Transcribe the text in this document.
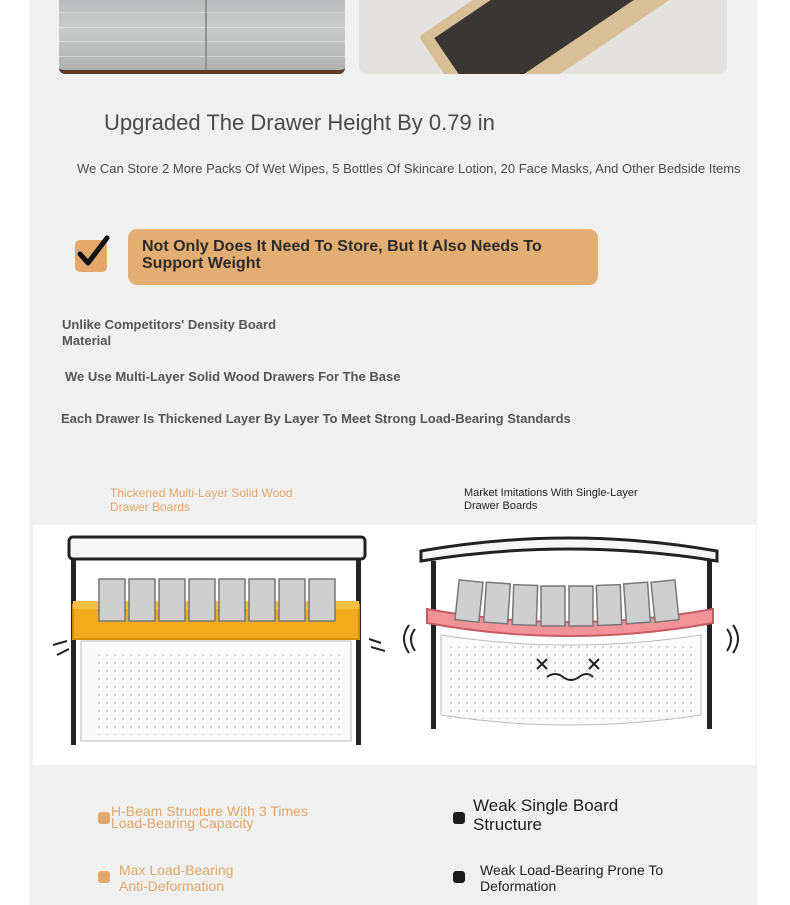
Upgraded The Drawer Height By 0.79 in
We Can Store 2 More Packs Of Wet Wipes, 5 Bottles Of Skincare Lotion, 20 Face Masks, And Other Bedside Items
Not Only Does It Need To Store, But It Also Needs To Support Weight
Unlike Competitors' Density Board Material
We Use Multi-Layer Solid Wood Drawers For The Base
Each Drawer Is Thickened Layer By Layer To Meet Strong Load-Bearing Standards
Thickened Multi-Layer Solid Wood Drawer Boards
Market Imitations With Single-Layer Drawer Boards
H-Beam Structure With 3 Times Load-Bearing Capacity
Max Load-Bearing Anti-Deformation
Weak Single Board Structure
Weak Load-Bearing Prone To Deformation
